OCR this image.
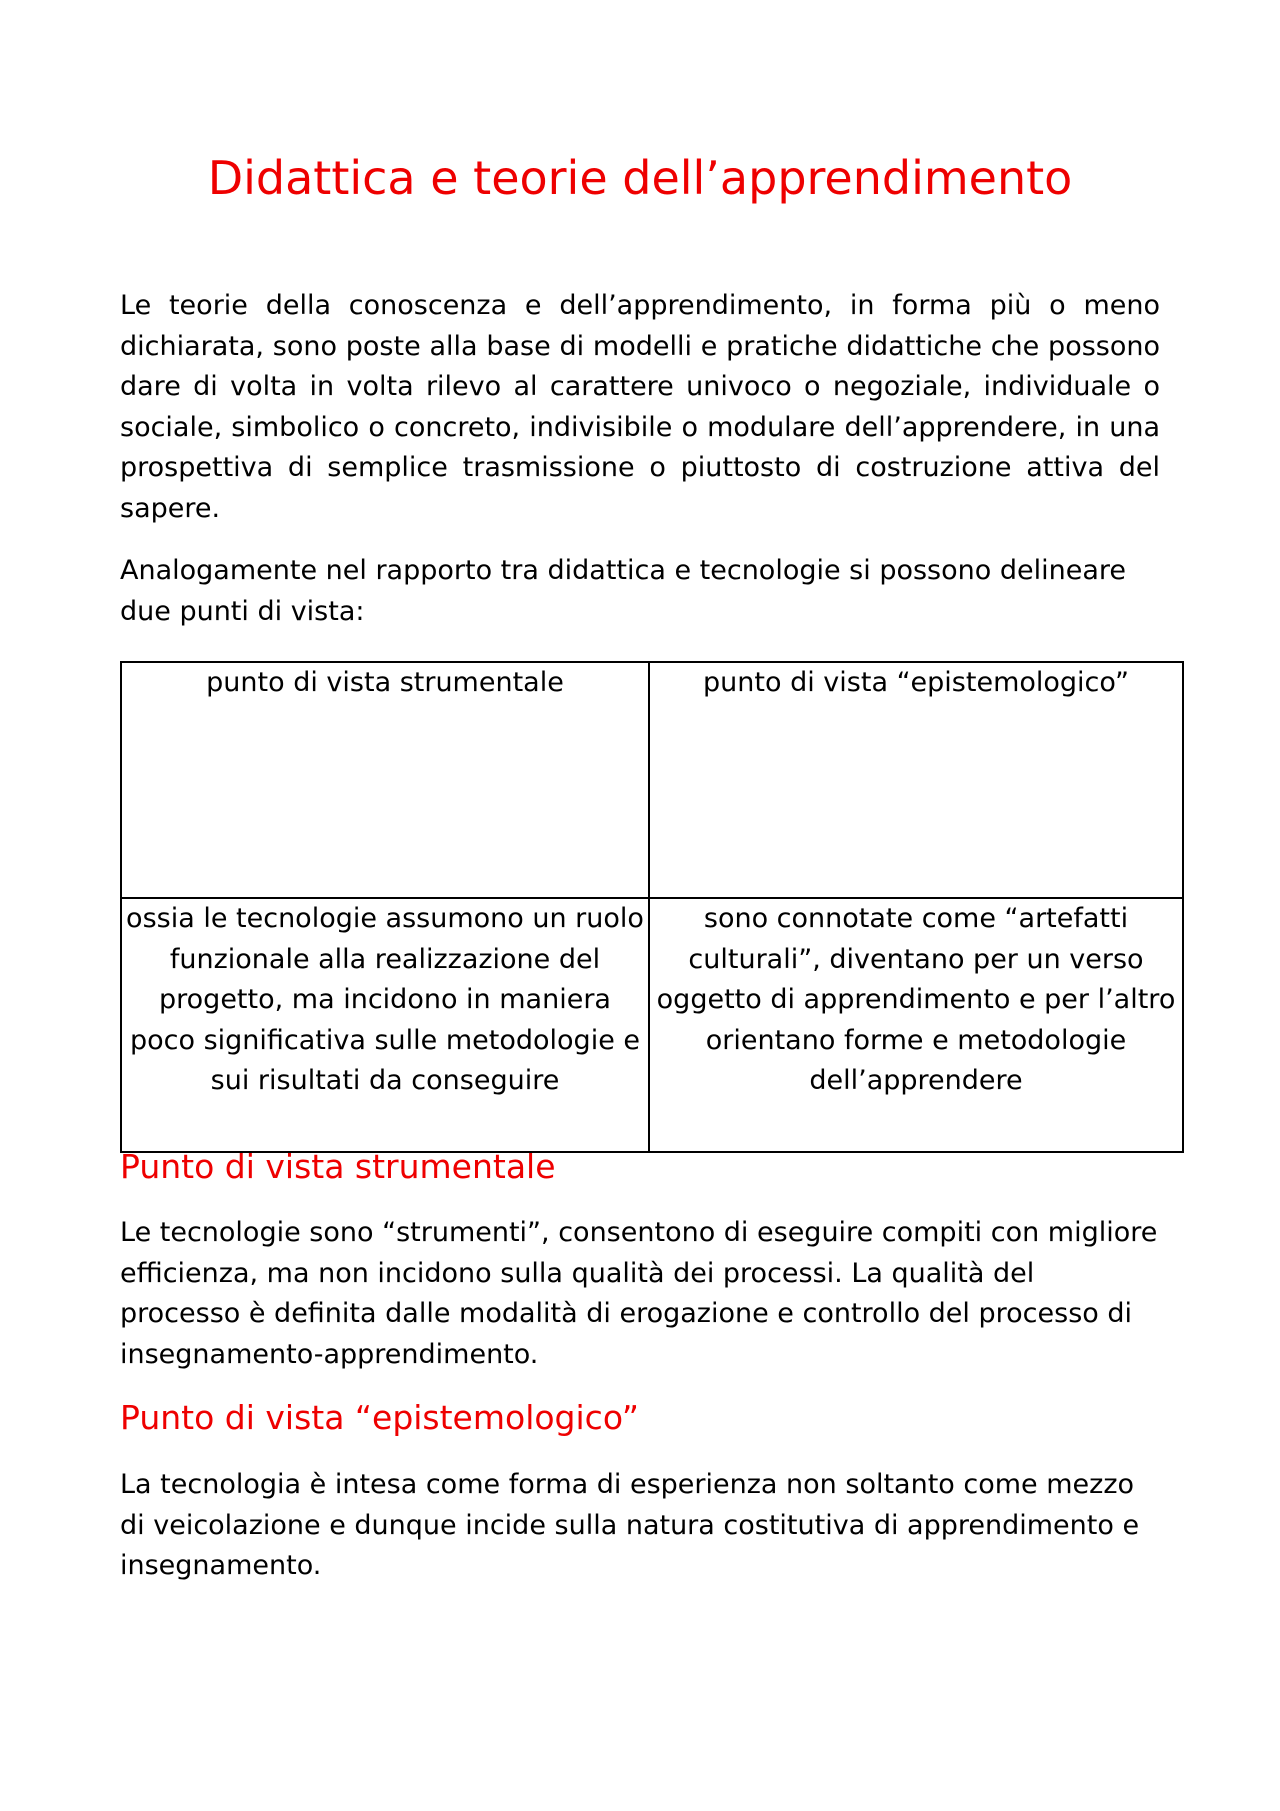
Didattica e teorie dell’apprendimento

Le teorie della conoscenza e dell’apprendimento, in forma più o meno dichiarata, sono poste alla base di modelli e pratiche didattiche che possono dare di volta in volta rilevo al carattere univoco o negoziale, individuale o sociale, simbolico o concreto, indivisibile o modulare dell’apprendere, in una prospettiva di semplice trasmissione o piuttosto di costruzione attiva del sapere.

Analogamente nel rapporto tra didattica e tecnologie si possono delineare due punti di vista:

punto di vista strumentale	punto di vista “epistemologico”
ossia le tecnologie assumono un ruolo funzionale alla realizzazione del progetto, ma incidono in maniera poco significativa sulle metodologie e sui risultati da conseguire	sono connotate come “artefatti culturali”, diventano per un verso oggetto di apprendimento e per l’altro orientano forme e metodologie dell’apprendere
Punto di vista strumentale

Le tecnologie sono “strumenti”, consentono di eseguire compiti con migliore efficienza, ma non incidono sulla qualità dei processi. La qualità del processo è definita dalle modalità di erogazione e controllo del processo di insegnamento-apprendimento.

Punto di vista “epistemologico”

La tecnologia è intesa come forma di esperienza non soltanto come mezzo di veicolazione e dunque incide sulla natura costitutiva di apprendimento e insegnamento.
